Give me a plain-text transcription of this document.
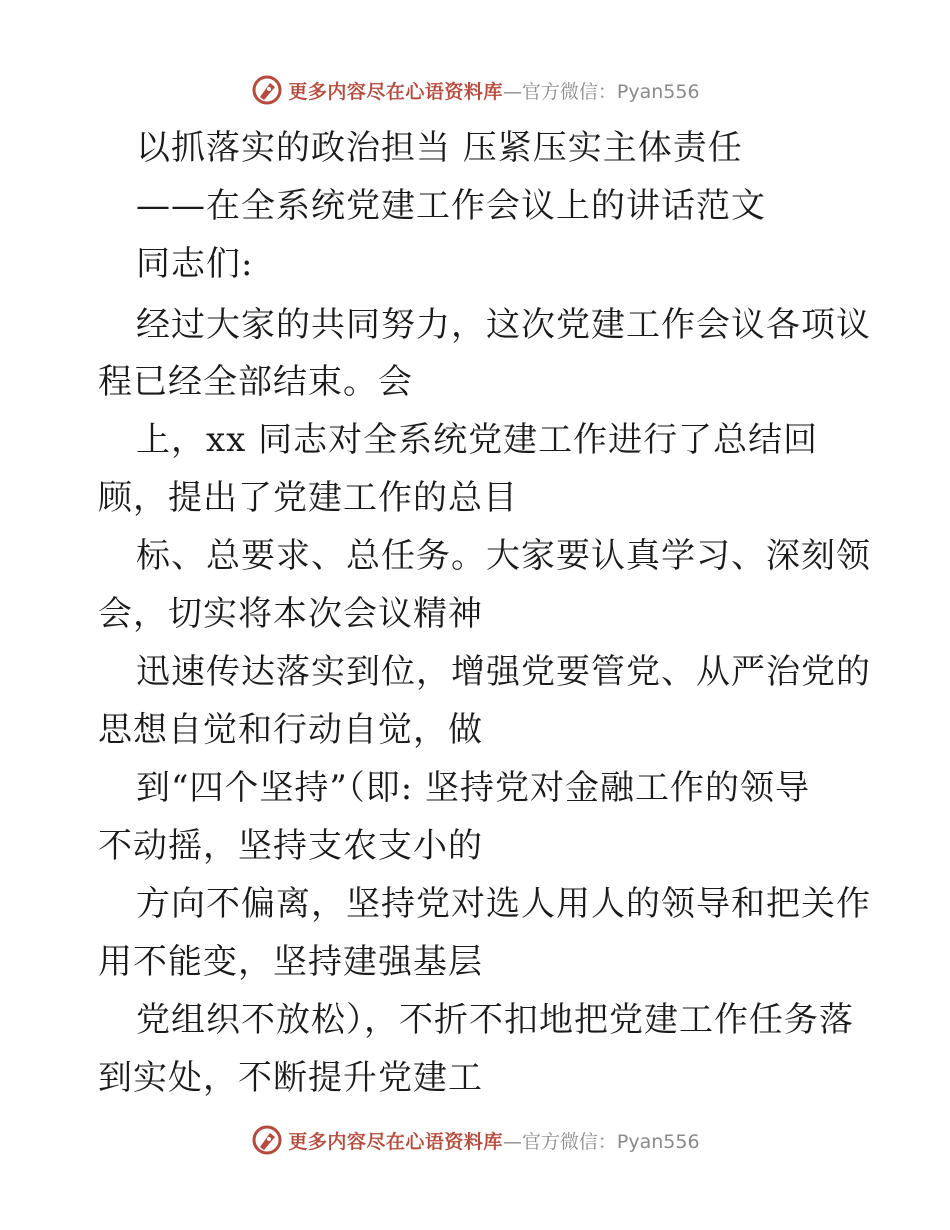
更多内容尽在心语资料库 —官方微信：Pyan556
以抓落实的政治担当 压紧压实主体责任
——在全系统党建工作会议上的讲话范文
同志们:
经过大家的共同努力，这次党建工作会议各项议
程已经全部结束。会
上，xx 同志对全系统党建工作进行了总结回
顾，提出了党建工作的总目
标、总要求、总任务。大家要认真学习、深刻领
会，切实将本次会议精神
迅速传达落实到位，增强党要管党、从严治党的
思想自觉和行动自觉，做
到“四个坚持”（即: 坚持党对金融工作的领导
不动摇，坚持支农支小的
方向不偏离，坚持党对选人用人的领导和把关作
用不能变，坚持建强基层
党组织不放松），不折不扣地把党建工作任务落
到实处，不断提升党建工
更多内容尽在心语资料库 —官方微信：Pyan556
